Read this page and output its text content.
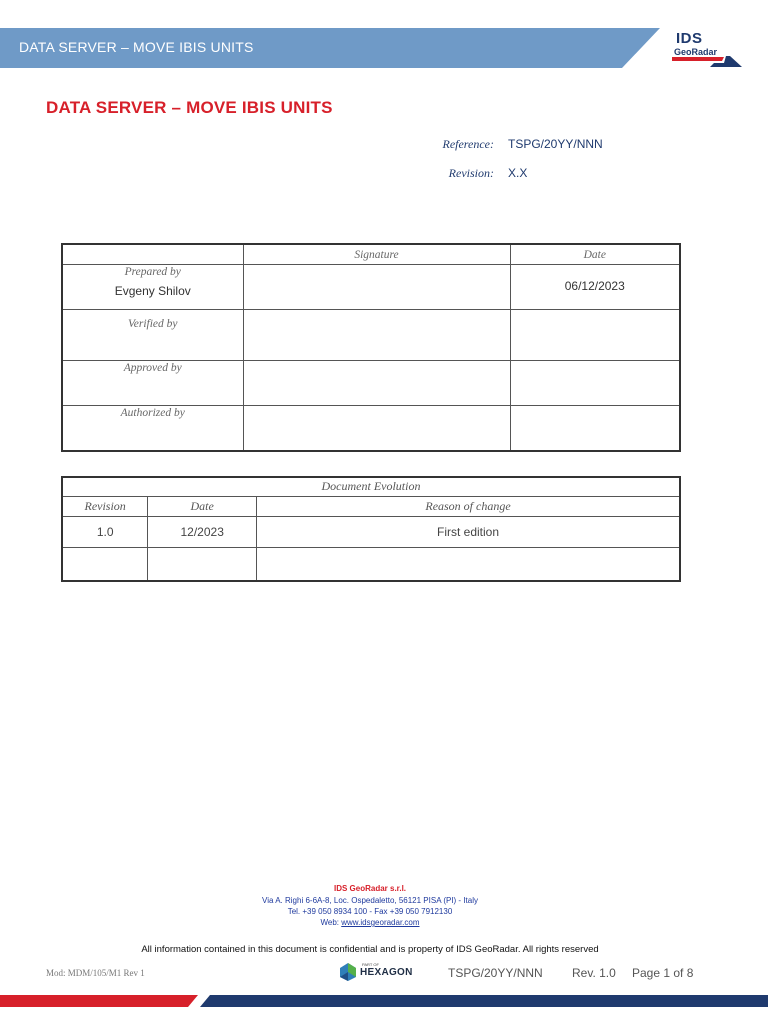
DATA SERVER – MOVE IBIS UNITS	IDS
GeoRadar
DATA SERVER – MOVE IBIS UNITS
Reference: TSPG/20YY/NNN
Revision: X.X
	Signature	Date

Prepared by
Evgeny Shilov		06/12/2023

Verified by		

Approved by		

Authorized by		

Document Evolution		
Revision	Date	Reason of change
1.0	12/2023	First edition

IDS GeoRadar s.r.l.
Via A. Righi 6-6A-8, Loc. Ospedaletto, 56121 PISA (PI) - Italy
Tel. +39 050 8934 100 - Fax +39 050 7912130
Web: www.idsgeoradar.com
All information contained in this document is confidential and is property of IDS GeoRadar. All rights reserved
Mod: MDM/105/M1 Rev 1
PART OF
HEXAGON	TSPG/20YY/NNN Rev. 1.0 Page 1 of 8
